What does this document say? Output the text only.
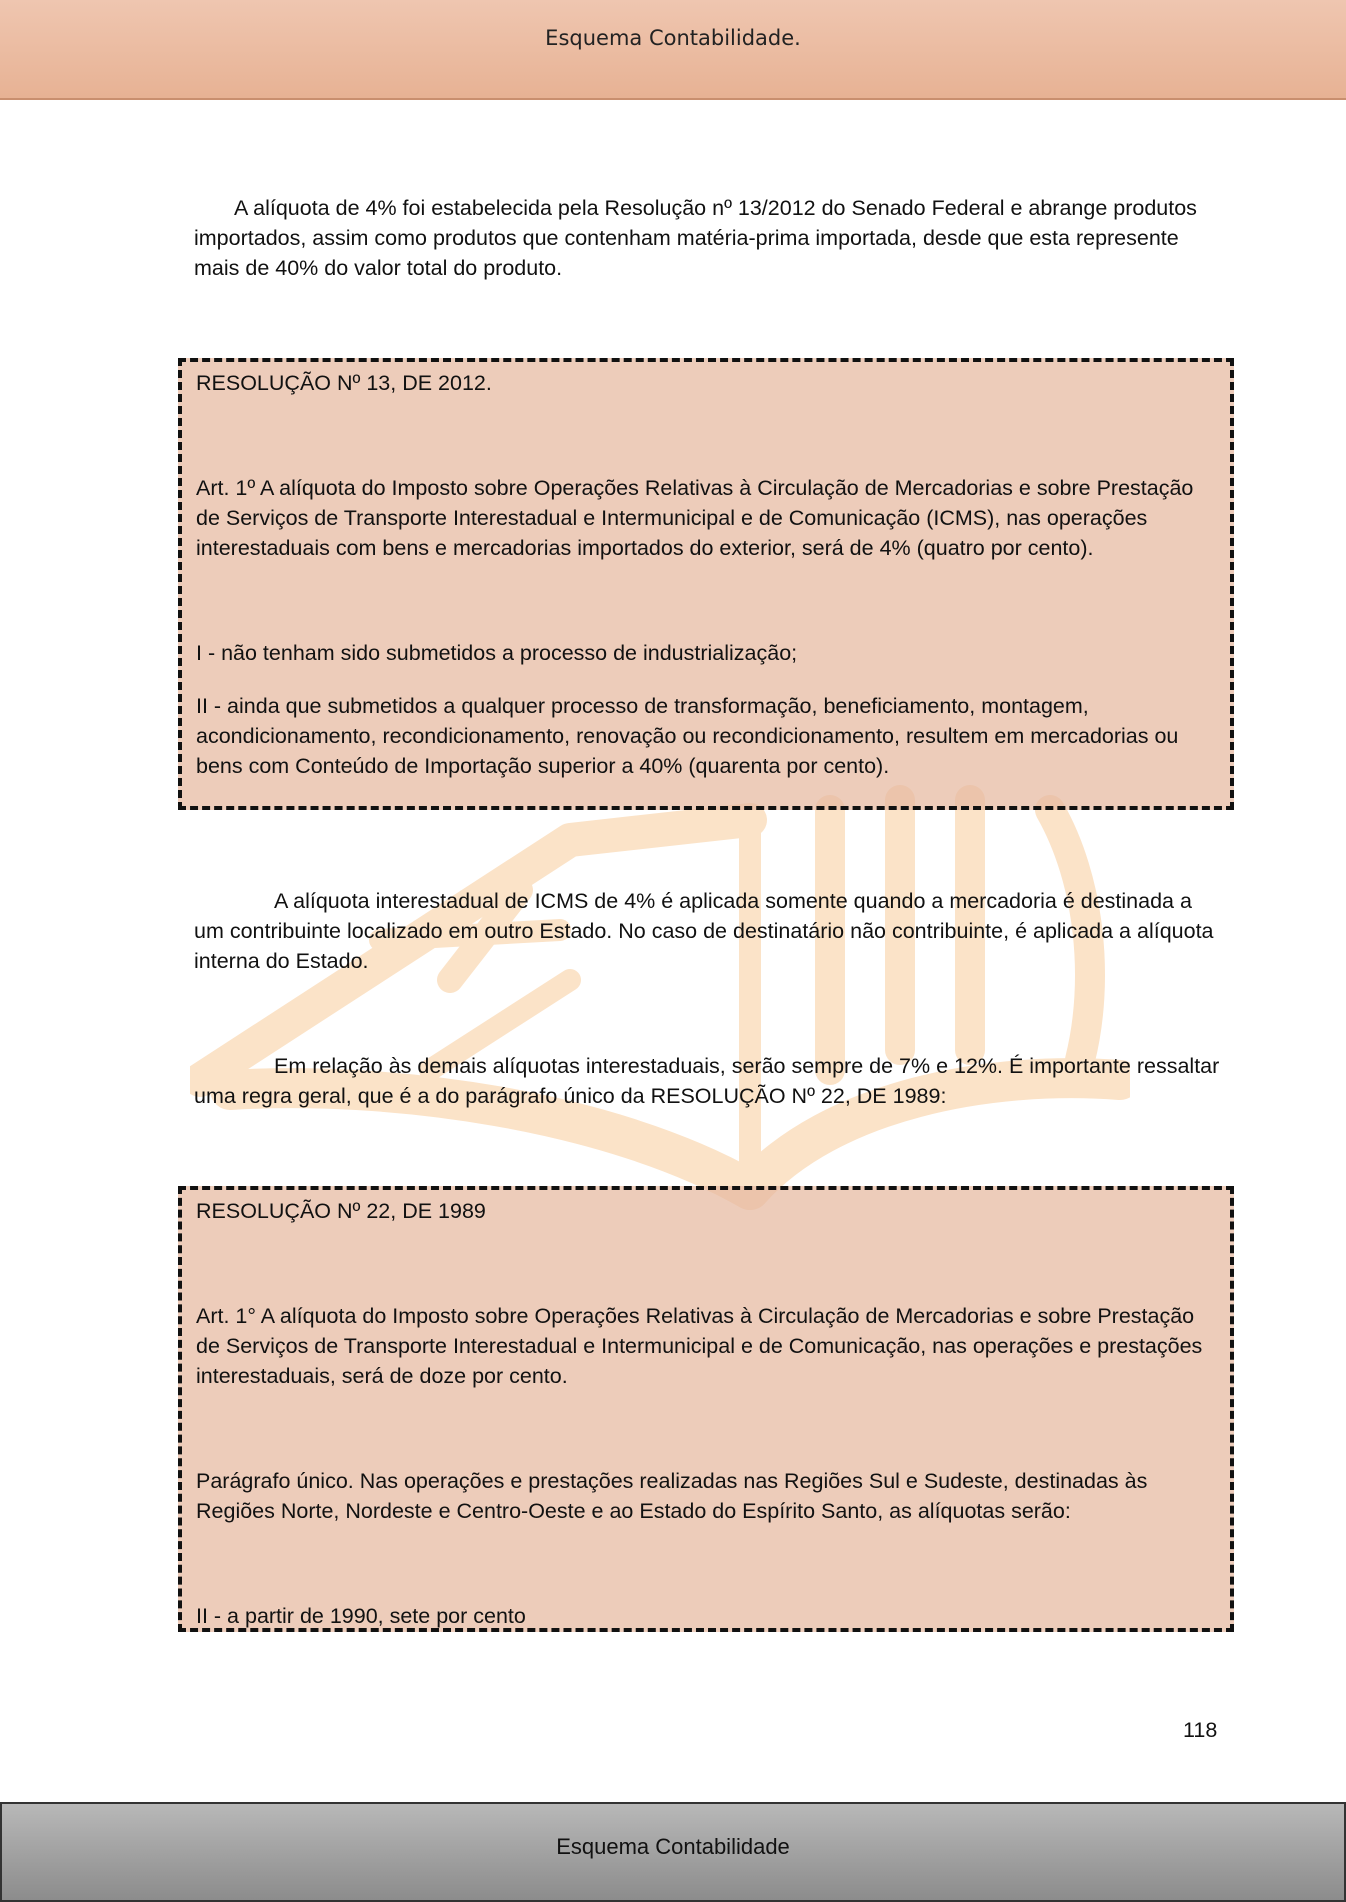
Esquema Contabilidade.
A alíquota de 4% foi estabelecida pela Resolução nº 13/2012 do Senado Federal e abrange produtos importados, assim como produtos que contenham matéria-prima importada, desde que esta represente mais de 40% do valor total do produto.

RESOLUÇÃO Nº 13, DE 2012.

Art. 1º A alíquota do Imposto sobre Operações Relativas à Circulação de Mercadorias e sobre Prestação de Serviços de Transporte Interestadual e Intermunicipal e de Comunicação (ICMS), nas operações interestaduais com bens e mercadorias importados do exterior, será de 4% (quatro por cento).

I - não tenham sido submetidos a processo de industrialização;

II - ainda que submetidos a qualquer processo de transformação, beneficiamento, montagem, acondicionamento, recondicionamento, renovação ou recondicionamento, resultem em mercadorias ou bens com Conteúdo de Importação superior a 40% (quarenta por cento).

A alíquota interestadual de ICMS de 4% é aplicada somente quando a mercadoria é destinada a um contribuinte localizado em outro Estado. No caso de destinatário não contribuinte, é aplicada a alíquota interna do Estado.
Em relação às demais alíquotas interestaduais, serão sempre de 7% e 12%. É importante ressaltar uma regra geral, que é a do parágrafo único da RESOLUÇÃO Nº 22, DE 1989:

RESOLUÇÃO Nº 22, DE 1989

Art. 1° A alíquota do Imposto sobre Operações Relativas à Circulação de Mercadorias e sobre Prestação de Serviços de Transporte Interestadual e Intermunicipal e de Comunicação, nas operações e prestações interestaduais, será de doze por cento.

Parágrafo único. Nas operações e prestações realizadas nas Regiões Sul e Sudeste, destinadas às Regiões Norte, Nordeste e Centro-Oeste e ao Estado do Espírito Santo, as alíquotas serão:

II - a partir de 1990, sete por cento

118
Esquema Contabilidade
